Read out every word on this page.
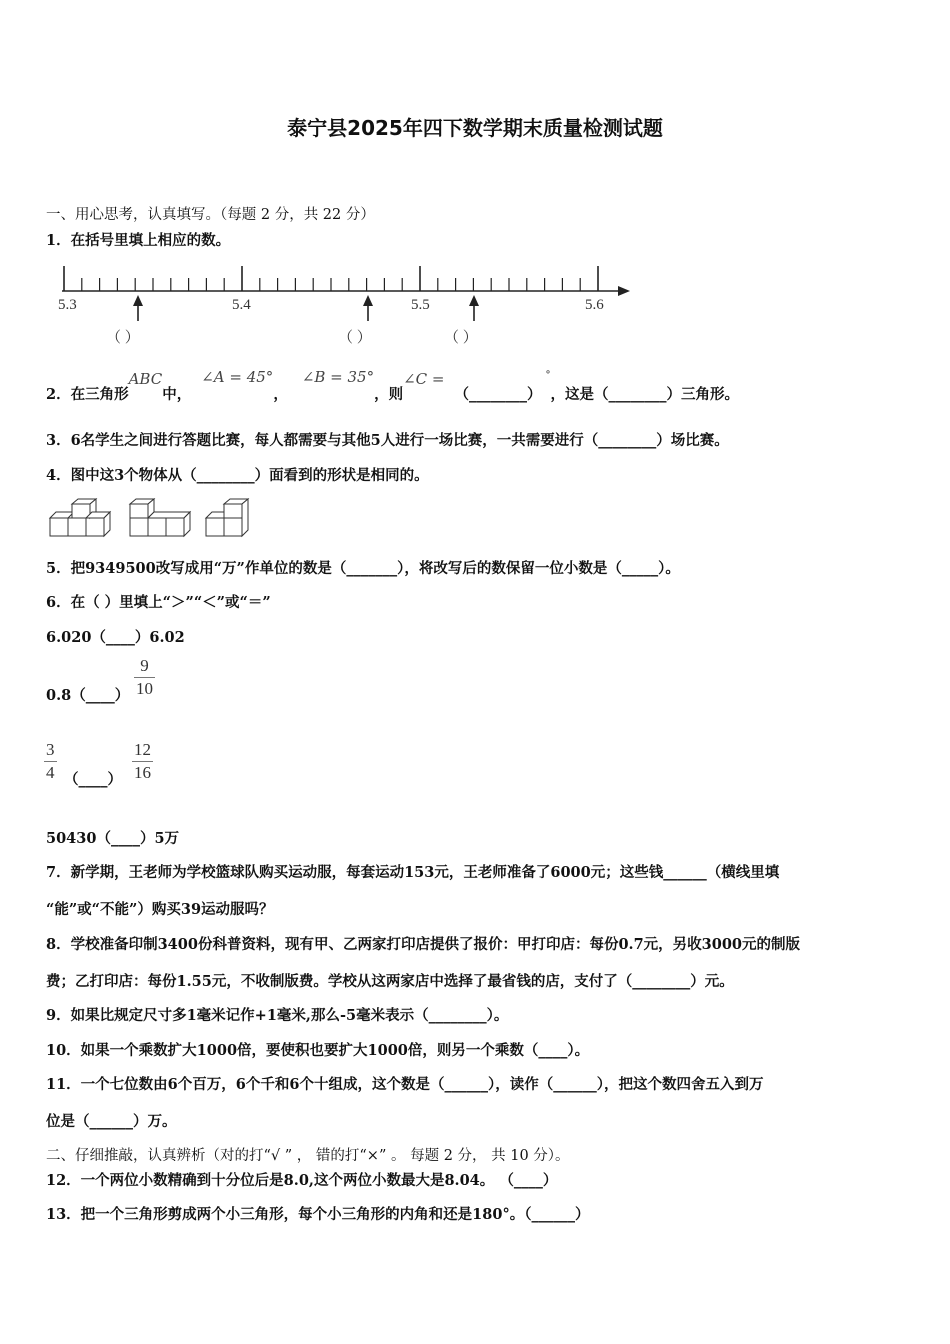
泰宁县2025年四下数学期末质量检测试题
一、用心思考，认真填写。（每题 2 分，共 22 分）
1．在括号里填上相应的数。
5.3	5.4	5.5	5.6
（ ）	（ ）	（ ）
2．在三角形ABC中，∠A = 45°，∠B = 35°，则∠C =（________）°，这是（________）三角形。
3．6名学生之间进行答题比赛，每人都需要与其他5人进行一场比赛，一共需要进行（________）场比赛。
4．图中这3个物体从（________）面看到的形状是相同的。
5．把9349500改写成用“万”作单位的数是（_______），将改写后的数保留一位小数是（_____）。
6．在（ ）里填上“＞”“＜”或“＝”
6.020（____）6.02
0.8（____）
9
10
3
4 （____）
12
16
50430（____）5万
7．新学期，王老师为学校篮球队购买运动服，每套运动153元，王老师准备了6000元；这些钱______（横线里填
“能”或“不能”）购买39运动服吗？
8．学校准备印制3400份科普资料，现有甲、乙两家打印店提供了报价：甲打印店：每份0.7元，另收3000元的制版
费；乙打印店：每份1.55元，不收制版费。学校从这两家店中选择了最省钱的店，支付了（________）元。
9．如果比规定尺寸多1毫米记作+1毫米,那么-5毫米表示（________）。
10．如果一个乘数扩大1000倍，要使积也要扩大1000倍，则另一个乘数（____）。
11．一个七位数由6个百万，6个千和6个十组成，这个数是（______），读作（______），把这个数四舍五入到万
位是（______）万。
二、仔细推敲，认真辨析（对的打“√ ” ， 错的打“×” 。 每题 2 分， 共 10 分）。
12．一个两位小数精确到十分位后是8.0,这个两位小数最大是8.04。 （____）
13．把一个三角形剪成两个小三角形，每个小三角形的内角和还是180°。（______）
